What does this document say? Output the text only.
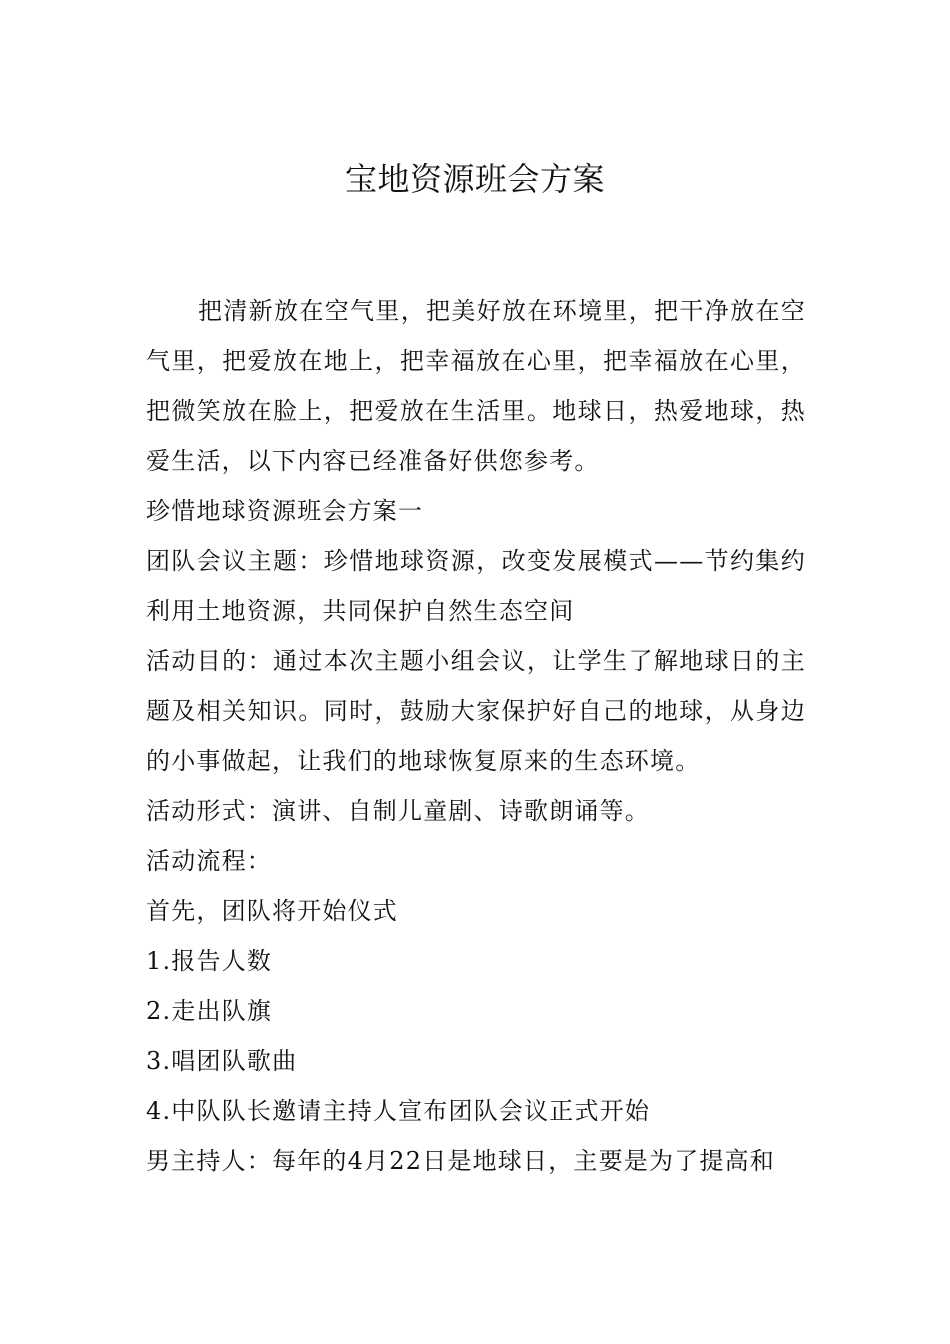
宝地资源班会方案

把清新放在空气里，把美好放在环境里，把干净放在空气里，把爱放在地上，把幸福放在心里，把幸福放在心里，把微笑放在脸上，把爱放在生活里。地球日，热爱地球，热爱生活，以下内容已经准备好供您参考。

珍惜地球资源班会方案一

团队会议主题：珍惜地球资源，改变发展模式——节约集约利用土地资源，共同保护自然生态空间

活动目的：通过本次主题小组会议，让学生了解地球日的主题及相关知识。同时，鼓励大家保护好自己的地球，从身边的小事做起，让我们的地球恢复原来的生态环境。

活动形式：演讲、自制儿童剧、诗歌朗诵等。

活动流程：

首先，团队将开始仪式

1.报告人数

2.走出队旗

3.唱团队歌曲

4.中队队长邀请主持人宣布团队会议正式开始

男主持人：每年的4月22日是地球日，主要是为了提高和
